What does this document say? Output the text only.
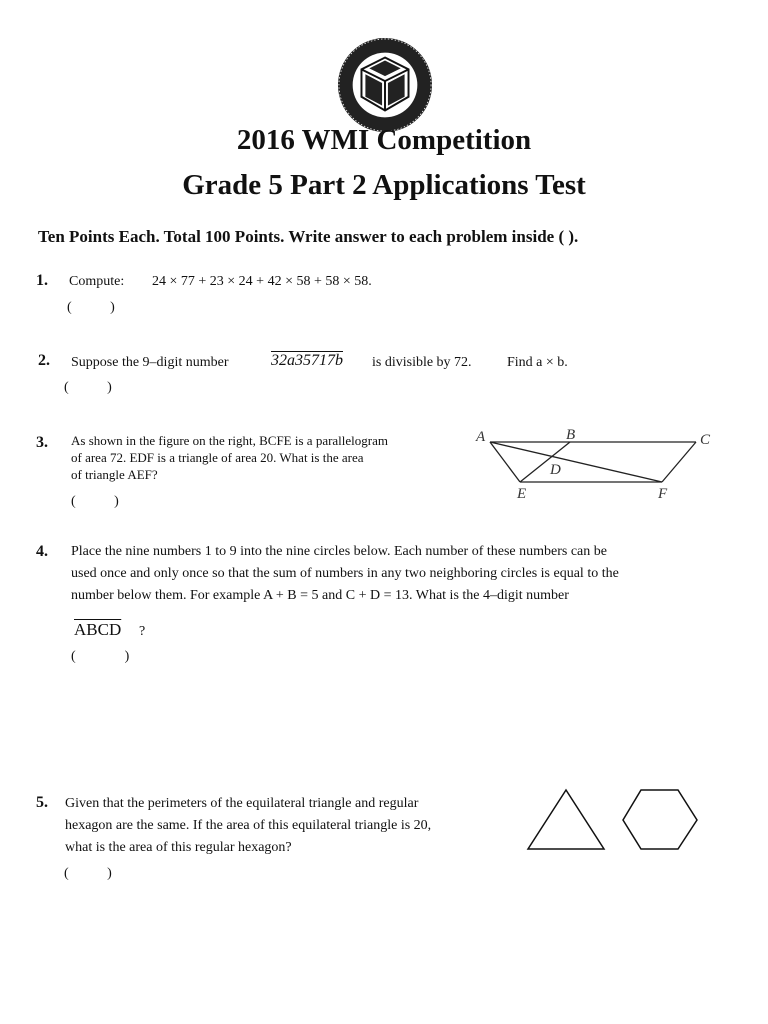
2016 WMI Competition
Grade 5 Part 2 Applications Test
Ten Points Each. Total 100 Points. Write answer to each problem inside ( ).
1. Compute: 24 × 77 + 23 × 24 + 42 × 58 + 58 × 58.
(           )
2. Suppose the 9–digit number	32a35717b is divisible by 72.	Find a × b.
(           )
3. As shown in the figure on the right, BCFE is a parallelogram
of area 72. EDF is a triangle of area 20. What is the area
of triangle AEF?
(           )
A	B	C
D
E	F
4. Place the nine numbers 1 to 9 into the nine circles below. Each number of these numbers can be
used once and only once so that the sum of numbers in any two neighboring circles is equal to the
number below them. For example A + B = 5 and C + D = 13. What is the 4–digit number
ABCD ?
(              )
5. Given that the perimeters of the equilateral triangle and regular
hexagon are the same. If the area of this equilateral triangle is 20,
what is the area of this regular hexagon?
(           )
